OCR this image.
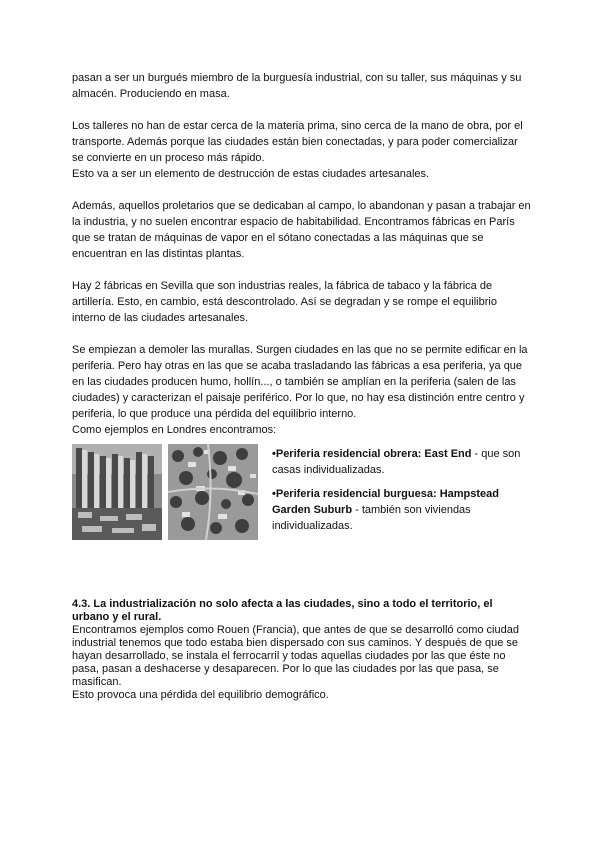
pasan a ser un burgués miembro de la burguesía industrial, con su taller, sus máquinas y su almacén. Produciendo en masa.

Los talleres no han de estar cerca de la materia prima, sino cerca de la mano de obra, por el transporte. Además porque las ciudades están bien conectadas, y para poder comercializar se convierte en un proceso más rápido.

Esto va a ser un elemento de destrucción de estas ciudades artesanales.

Además, aquellos proletarios que se dedicaban al campo, lo abandonan y pasan a trabajar en la industria, y no suelen encontrar espacio de habitabilidad. Encontramos fábricas en París que se tratan de máquinas de vapor en el sótano conectadas a las máquinas que se encuentran en las distintas plantas.

Hay 2 fábricas en Sevilla que son industrias reales, la fábrica de tabaco y la fábrica de artillería. Esto, en cambio, está descontrolado. Así se degradan y se rompe el equilibrio interno de las ciudades artesanales.

Se empiezan a demoler las murallas. Surgen ciudades en las que no se permite edificar en la periferia. Pero hay otras en las que se acaba trasladando las fábricas a esa periferia, ya que en las ciudades producen humo, hollín..., o también se amplían en la periferia (salen de las ciudades) y caracterizan el paisaje periférico. Por lo que, no hay esa distinción entre centro y periferia, lo que produce una pérdida del equilibrio interno.

Como ejemplos en Londres encontramos:

•Periferia residencial obrera: East End - que son casas individualizadas.

•Periferia residencial burguesa: Hampstead Garden Suburb - también son viviendas individualizadas.

4.3. La industrialización no solo afecta a las ciudades, sino a todo el territorio, el urbano y el rural.

Encontramos ejemplos como Rouen (Francia), que antes de que se desarrolló como ciudad industrial tenemos que todo estaba bien dispersado con sus caminos. Y después de que se hayan desarrollado, se instala el ferrocarril y todas aquellas ciudades por las que éste no pasa, pasan a deshacerse y desaparecen. Por lo que las ciudades por las que pasa, se masifican.

Esto provoca una pérdida del equilibrio demográfico.
